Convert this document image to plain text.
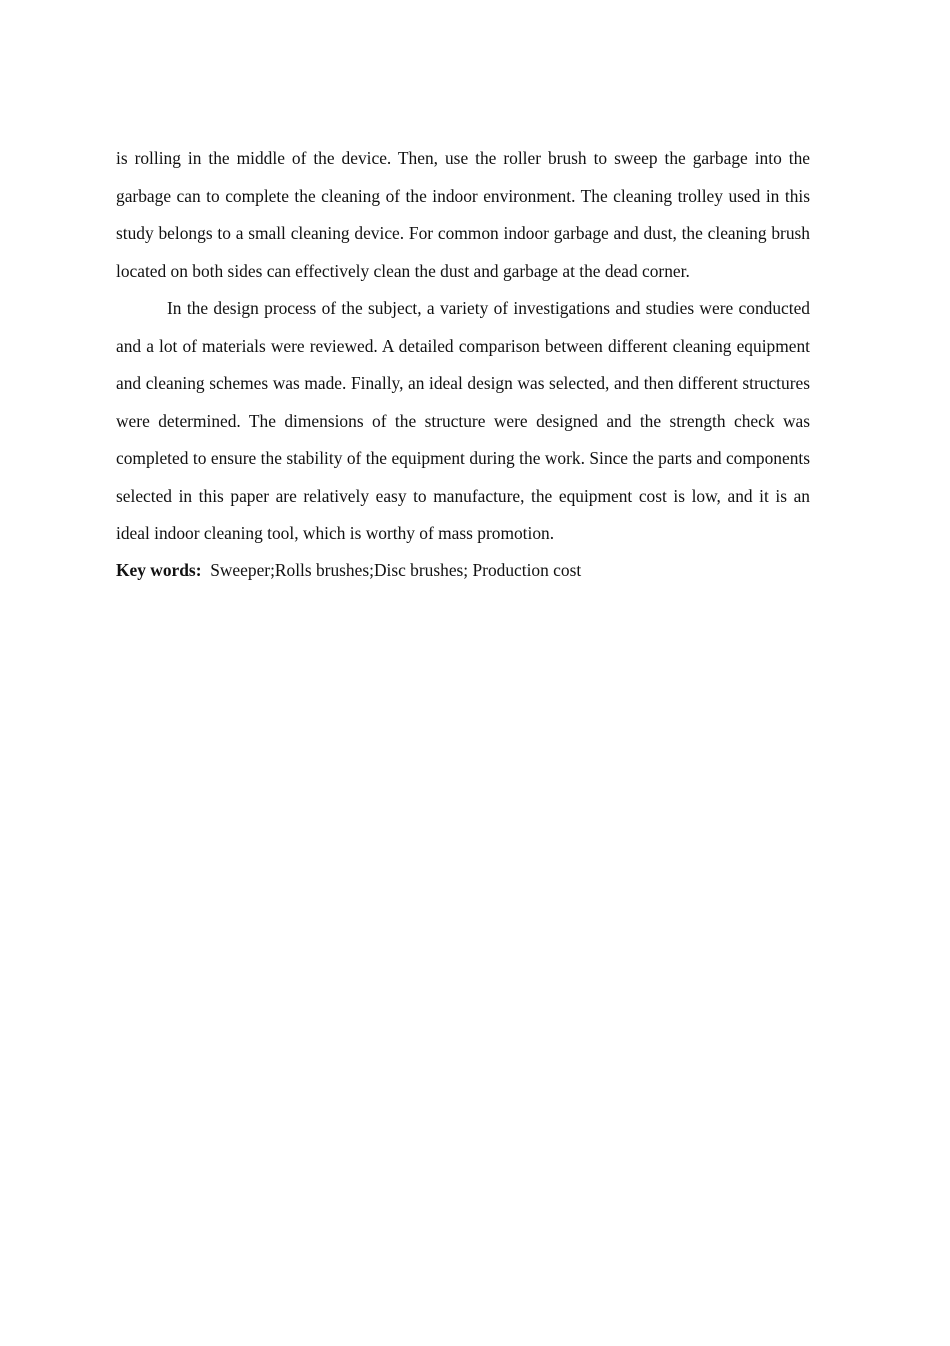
is rolling in the middle of the device. Then, use the roller brush to sweep the garbage into the garbage can to complete the cleaning of the indoor environment. The cleaning trolley used in this study belongs to a small cleaning device. For common indoor garbage and dust, the cleaning brush located on both sides can effectively clean the dust and garbage at the dead corner.

In the design process of the subject, a variety of investigations and studies were conducted and a lot of materials were reviewed. A detailed comparison between different cleaning equipment and cleaning schemes was made. Finally, an ideal design was selected, and then different structures were determined. The dimensions of the structure were designed and the strength check was completed to ensure the stability of the equipment during the work. Since the parts and components selected in this paper are relatively easy to manufacture, the equipment cost is low, and it is an ideal indoor cleaning tool, which is worthy of mass promotion.

Key words: Sweeper;Rolls brushes;Disc brushes; Production cost
